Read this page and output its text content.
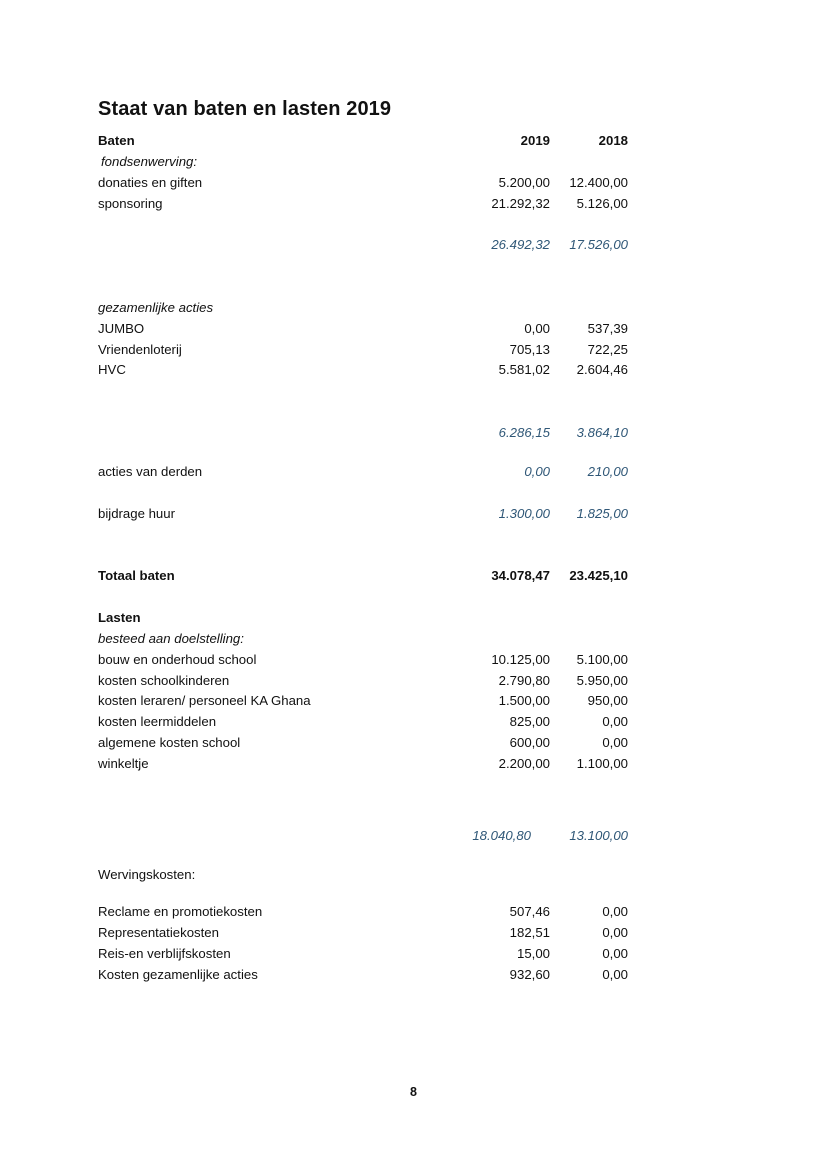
Staat van baten en lasten 2019
Baten	2019	2018
fondsenwerving:
donaties en giften	5.200,00	12.400,00
sponsoring	21.292,32	5.126,00
26.492,32	17.526,00
gezamenlijke acties
JUMBO	0,00	537,39
Vriendenloterij	705,13	722,25
HVC	5.581,02	2.604,46
6.286,15	3.864,10
acties van derden	0,00	210,00
bijdrage huur	1.300,00	1.825,00
Totaal baten	34.078,47	23.425,10
Lasten
besteed aan doelstelling:
bouw en onderhoud school	10.125,00	5.100,00
kosten schoolkinderen	2.790,80	5.950,00
kosten leraren/ personeel KA Ghana	1.500,00	950,00
kosten leermiddelen	825,00	0,00
algemene kosten school	600,00	0,00
winkeltje	2.200,00	1.100,00
18.040,80	13.100,00
Wervingskosten:
Reclame en promotiekosten	507,46	0,00
Representatiekosten	182,51	0,00
Reis-en verblijfskosten	15,00	0,00
Kosten gezamenlijke acties	932,60	0,00
8
